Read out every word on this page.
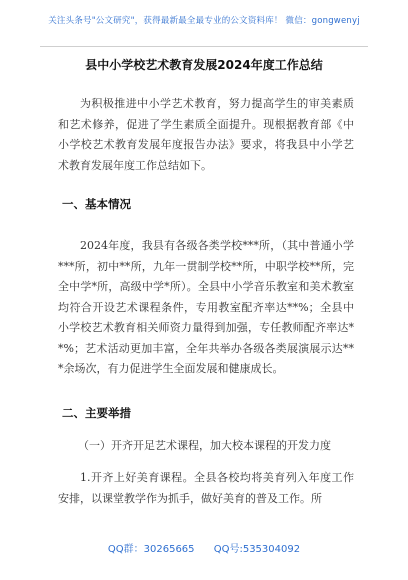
关注头条号"公文研究"，获得最新最全最专业的公文资料库！ 微信：gongwenyj
县中小学校艺术教育发展2024年度工作总结

为积极推进中小学艺术教育，努力提高学生的审美素质和艺术修养，促进了学生素质全面提升。现根据教育部《中小学校艺术教育发展年度报告办法》要求，将我县中小学艺术教育发展年度工作总结如下。

一、基本情况

2024年度，我县有各级各类学校***所，（其中普通小学***所，初中**所，九年一贯制学校**所，中职学校**所，完全中学*所，高级中学*所）。全县中小学音乐教室和美术教室均符合开设艺术课程条件，专用教室配齐率达**%；全县中小学校艺术教育相关师资力量得到加强，专任教师配齐率达**%；艺术活动更加丰富，全年共举办各级各类展演展示达***余场次，有力促进学生全面发展和健康成长。

二、主要举措
（一）开齐开足艺术课程，加大校本课程的开发力度

1.开齐上好美育课程。全县各校均将美育列入年度工作安排，以课堂教学作为抓手，做好美育的普及工作。所

QQ群：30265665 QQ号:535304092
